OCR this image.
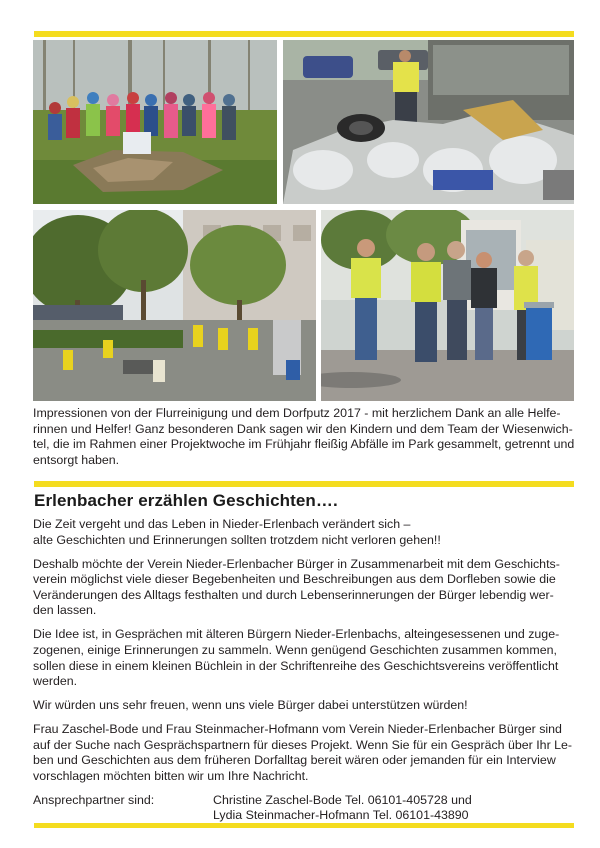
Impressionen von der Flurreinigung und dem Dorfputz 2017 - mit herzlichem Dank an alle Helfe-
rinnen und Helfer! Ganz besonderen Dank sagen wir den Kindern und dem Team der Wiesenwich-
tel, die im Rahmen einer Projektwoche im Frühjahr fleißig Abfälle im Park gesammelt, getrennt und
entsorgt haben.

Erlenbacher erzählen Geschichten….

Die Zeit vergeht und das Leben in Nieder-Erlenbach verändert sich –
alte Geschichten und Erinnerungen sollten trotzdem nicht verloren gehen!!

Deshalb möchte der Verein Nieder-Erlenbacher Bürger in Zusammenarbeit mit dem Geschichts-
verein möglichst viele dieser Begebenheiten und Beschreibungen aus dem Dorfleben sowie die
Veränderungen des Alltags festhalten und durch Lebenserinnerungen der Bürger lebendig wer-
den lassen.

Die Idee ist, in Gesprächen mit älteren Bürgern Nieder-Erlenbachs, alteingesessenen und zuge-
zogenen, einige Erinnerungen zu sammeln. Wenn genügend Geschichten zusammen kommen,
sollen diese in einem kleinen Büchlein in der Schriftenreihe des Geschichtsvereins veröffentlicht
werden.

Wir würden uns sehr freuen, wenn uns viele Bürger dabei unterstützen würden!

Frau Zaschel-Bode und Frau Steinmacher-Hofmann vom Verein Nieder-Erlenbacher Bürger sind
auf der Suche nach Gesprächspartnern für dieses Projekt. Wenn Sie für ein Gespräch über Ihr Le-
ben und Geschichten aus dem früheren Dorfalltag bereit wären oder jemanden für ein Interview
vorschlagen möchten bitten wir um Ihre Nachricht.

Ansprechpartner sind:	Christine Zaschel-Bode Tel. 06101-405728 und
Lydia Steinmacher-Hofmann Tel. 06101-43890
